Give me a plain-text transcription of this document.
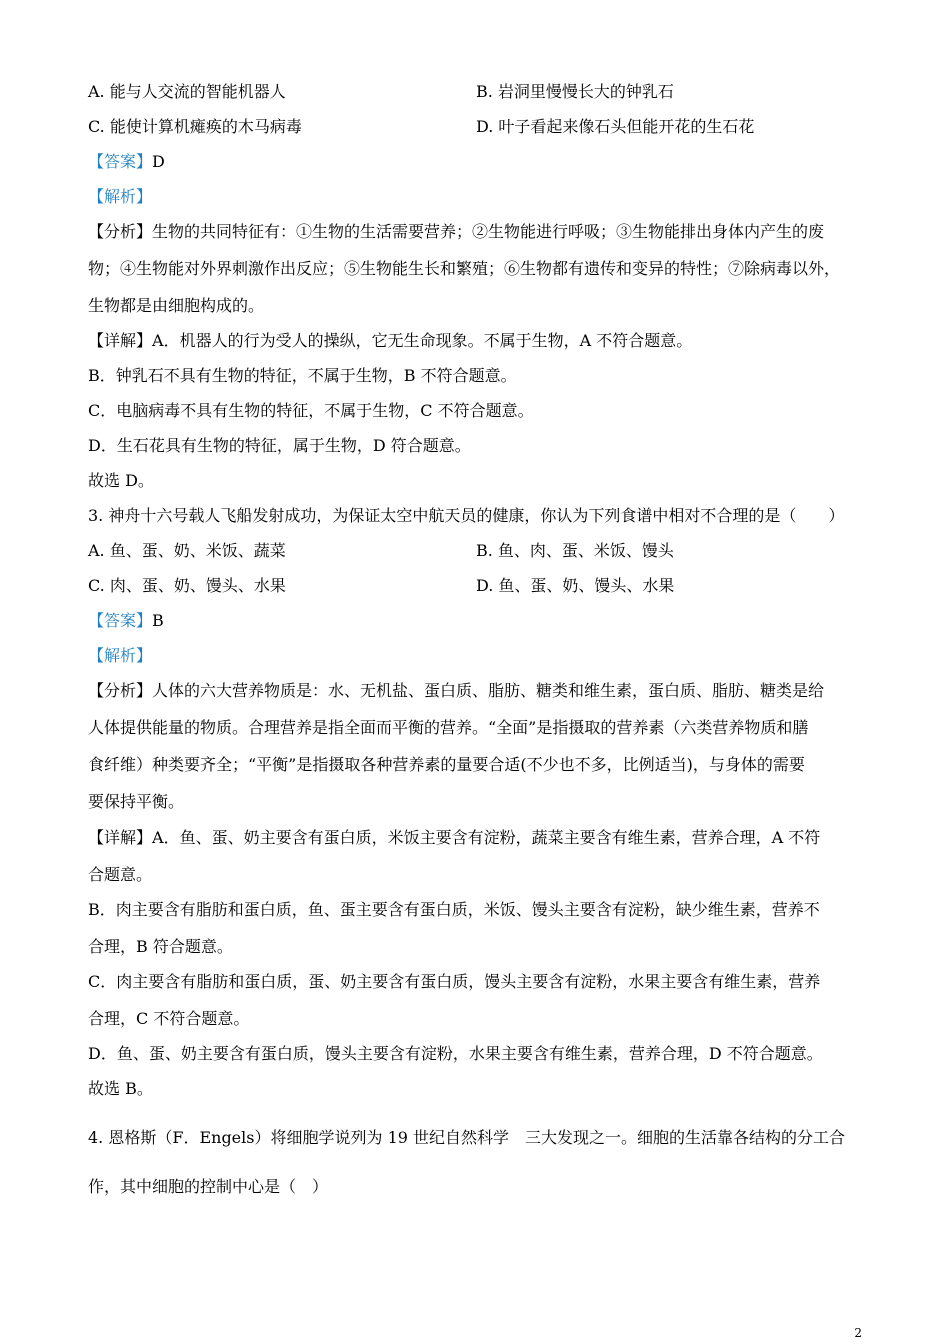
A. 能与人交流的智能机器人	B. 岩洞里慢慢长大的钟乳石
C. 能使计算机瘫痪的木马病毒	D. 叶子看起来像石头但能开花的生石花
【答案】D
【解析】
【分析】生物的共同特征有：①生物的生活需要营养；②生物能进行呼吸；③生物能排出身体内产生的废
物；④生物能对外界刺激作出反应；⑤生物能生长和繁殖；⑥生物都有遗传和变异的特性；⑦除病毒以外，
生物都是由细胞构成的。
【详解】A．机器人的行为受人的操纵，它无生命现象。不属于生物，A 不符合题意。
B．钟乳石不具有生物的特征，不属于生物，B 不符合题意。
C．电脑病毒不具有生物的特征，不属于生物，C 不符合题意。
D．生石花具有生物的特征，属于生物，D 符合题意。
故选 D。
3. 神舟十六号载人飞船发射成功，为保证太空中航天员的健康，你认为下列食谱中相对不合理的是（　　）
A. 鱼、蛋、奶、米饭、蔬菜	B. 鱼、肉、蛋、米饭、馒头
C. 肉、蛋、奶、馒头、水果	D. 鱼、蛋、奶、馒头、水果
【答案】B
【解析】
【分析】人体的六大营养物质是：水、无机盐、蛋白质、脂肪、糖类和维生素，蛋白质、脂肪、糖类是给
人体提供能量的物质。合理营养是指全面而平衡的营养。“全面”是指摄取的营养素（六类营养物质和膳
食纤维）种类要齐全；“平衡”是指摄取各种营养素的量要合适(不少也不多，比例适当)，与身体的需要
要保持平衡。
【详解】A．鱼、蛋、奶主要含有蛋白质，米饭主要含有淀粉，蔬菜主要含有维生素，营养合理，A 不符
合题意。
B．肉主要含有脂肪和蛋白质，鱼、蛋主要含有蛋白质，米饭、馒头主要含有淀粉，缺少维生素，营养不
合理，B 符合题意。
C．肉主要含有脂肪和蛋白质，蛋、奶主要含有蛋白质，馒头主要含有淀粉，水果主要含有维生素，营养
合理，C 不符合题意。
D．鱼、蛋、奶主要含有蛋白质，馒头主要含有淀粉，水果主要含有维生素，营养合理，D 不符合题意。
故选 B。
4. 恩格斯（F．Engels）将细胞学说列为 19 世纪自然科学　三大发现之一。细胞的生活靠各结构的分工合
作，其中细胞的控制中心是（　）
2
